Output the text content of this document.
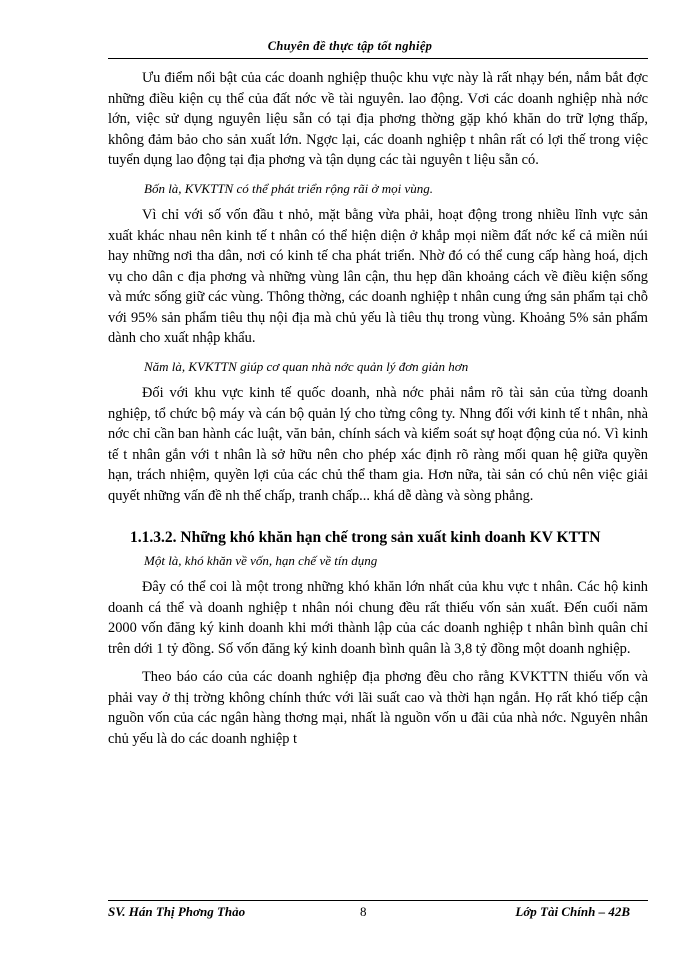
Chuyên đề thực tập tốt nghiệp

Ưu điểm nổi bật của các doanh nghiệp thuộc khu vực này là rất nhạy bén, nắm bắt đợc những điều kiện cụ thể của đất nớc về tài nguyên. lao động. Vơi các doanh nghiệp nhà nớc lớn, việc sử dụng nguyên liệu sẵn có tại địa phơng thờng gặp khó khăn do trữ lợng thấp, không đảm bảo cho sản xuất lớn. Ngợc lại, các doanh nghiệp t nhân rất có lợi thế trong việc tuyển dụng lao động tại địa phơng và tận dụng các tài nguyên t liệu sẵn có.

Bốn là, KVKTTN có thể phát triển rộng rãi ở mọi vùng.

Vì chỉ với số vốn đầu t nhỏ, mặt bằng vừa phải, hoạt động trong nhiều lĩnh vực sản xuất khác nhau nên kinh tế t nhân có thể hiện diện ở khắp mọi niềm đất nớc kể cả miền núi hay những nơi tha dân, nơi có kinh tế cha phát triển. Nhờ đó có thể cung cấp hàng hoá, dịch vụ cho dân c địa phơng và những vùng lân cận, thu hẹp dần khoảng cách về điều kiện sống và mức sống giữ các vùng. Thông thờng, các doanh nghiệp t nhân cung ứng sản phẩm tại chỗ với 95% sản phẩm tiêu thụ nội địa mà chủ yếu là tiêu thụ trong vùng. Khoảng 5% sản phẩm dành cho xuất nhập khẩu.

Năm là, KVKTTN giúp cơ quan nhà nớc quản lý đơn giản hơn

Đối với khu vực kinh tế quốc doanh, nhà nớc phải nắm rõ tài sản của từng doanh nghiệp, tổ chức bộ máy và cán bộ quản lý cho từng công ty. Nhng đối với kinh tế t nhân, nhà nớc chỉ cần ban hành các luật, văn bản, chính sách và kiểm soát sự hoạt động của nó. Vì kinh tế t nhân gắn với t nhân là sở hữu nên cho phép xác định rõ ràng mối quan hệ giữa quyền hạn, trách nhiệm, quyền lợi của các chủ thể tham gia. Hơn nữa, tài sản có chủ nên việc giải quyết những vấn đề nh thế chấp, tranh chấp... khá dễ dàng và sòng phẳng.

1.1.3.2. Những khó khăn hạn chế trong sản xuất kinh doanh KV KTTN

Một là, khó khăn về vốn, hạn chế về tín dụng

Đây có thể coi là một trong những khó khăn lớn nhất của khu vực t nhân. Các hộ kinh doanh cá thể và doanh nghiệp t nhân nói chung đều rất thiếu vốn sản xuất. Đến cuối năm 2000 vốn đăng ký kinh doanh khi mới thành lập của các doanh nghiệp t nhân bình quân chỉ trên dới 1 tỷ đồng. Số vốn đăng ký kinh doanh bình quân là 3,8 tỷ đồng một doanh nghiệp.

Theo báo cáo của các doanh nghiệp địa phơng đều cho rằng KVKTTN thiếu vốn và phải vay ở thị trờng không chính thức với lãi suất cao và thời hạn ngắn. Họ rất khó tiếp cận nguồn vốn của các ngân hàng thơng mại, nhất là nguồn vốn u đãi của nhà nớc. Nguyên nhân chủ yếu là do các doanh nghiệp t

SV. Hán Thị Phơng Thảo	8	Lớp Tài Chính – 42B
